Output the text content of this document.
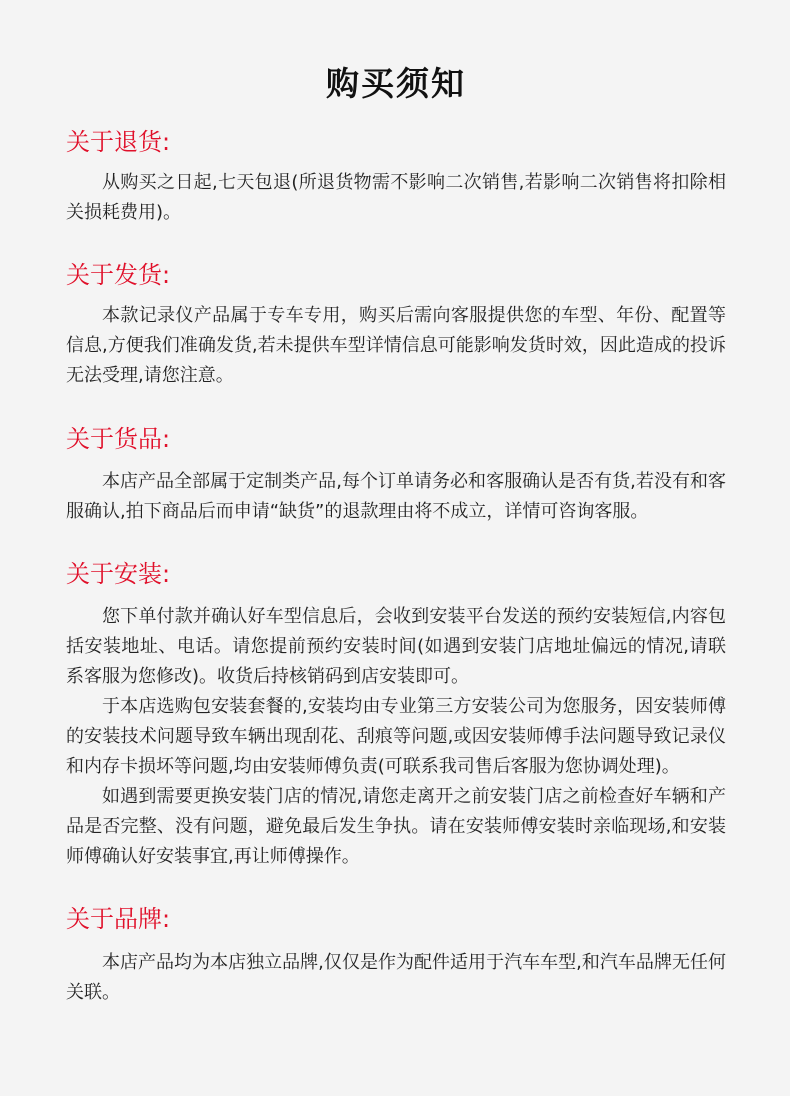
购买须知
关于退货:

从购买之日起,七天包退(所退货物需不影响二次销售,若影响二次销售将扣除相关损耗费用)。

关于发货:

本款记录仪产品属于专车专用，购买后需向客服提供您的车型、年份、配置等信息,方便我们准确发货,若未提供车型详情信息可能影响发货时效，因此造成的投诉无法受理,请您注意。

关于货品:

本店产品全部属于定制类产品,每个订单请务必和客服确认是否有货,若没有和客服确认,拍下商品后而申请“缺货”的退款理由将不成立，详情可咨询客服。

关于安装:

您下单付款并确认好车型信息后，会收到安装平台发送的预约安装短信,内容包括安装地址、电话。请您提前预约安装时间(如遇到安装门店地址偏远的情况,请联系客服为您修改)。收货后持核销码到店安装即可。

于本店选购包安装套餐的,安装均由专业第三方安装公司为您服务，因安装师傅的安装技术问题导致车辆出现刮花、刮痕等问题,或因安装师傅手法问题导致记录仪和内存卡损坏等问题,均由安装师傅负责(可联系我司售后客服为您协调处理)。

如遇到需要更换安装门店的情况,请您走离开之前安装门店之前检查好车辆和产品是否完整、没有问题，避免最后发生争执。请在安装师傅安装时亲临现场,和安装师傅确认好安装事宜,再让师傅操作。

关于品牌:

本店产品均为本店独立品牌,仅仅是作为配件适用于汽车车型,和汽车品牌无任何关联。
